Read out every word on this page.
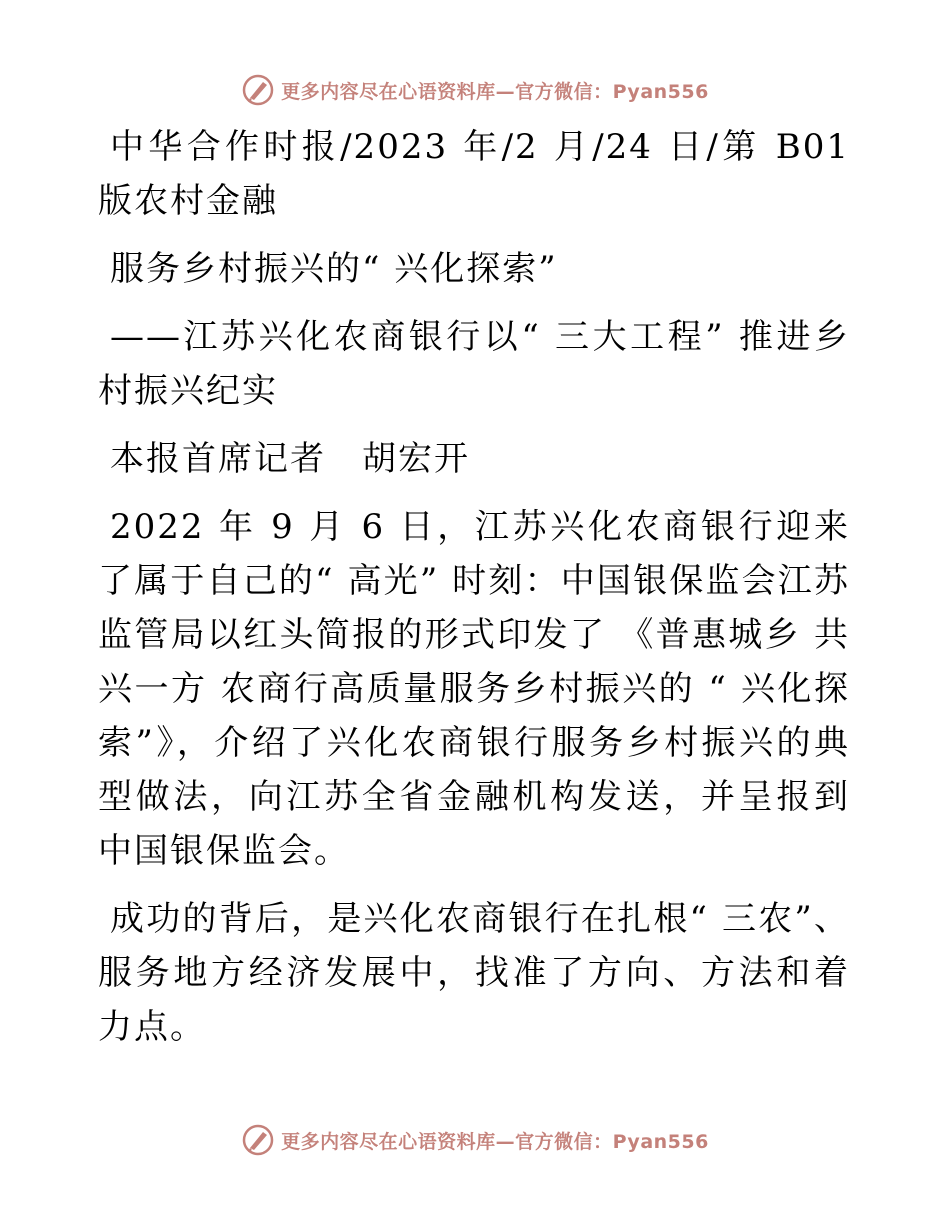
更多内容尽在心语资料库—官方微信：Pyan556

中华合作时报/2023 年/2 月/24 日/第 B01 版农村金融

服务乡村振兴的“ 兴化探索”

——江苏兴化农商银行以“ 三大工程” 推进乡村振兴纪实

本报首席记者　胡宏开

2022 年 9 月 6 日，江苏兴化农商银行迎来了属于自己的“ 高光” 时刻：中国银保监会江苏监管局以红头简报的形式印发了 《普惠城乡 共兴一方 农商行高质量服务乡村振兴的 “ 兴化探索”》，介绍了兴化农商银行服务乡村振兴的典型做法，向江苏全省金融机构发送，并呈报到中国银保监会。

成功的背后，是兴化农商银行在扎根“ 三农”、服务地方经济发展中，找准了方向、方法和着力点。

更多内容尽在心语资料库—官方微信：Pyan556
